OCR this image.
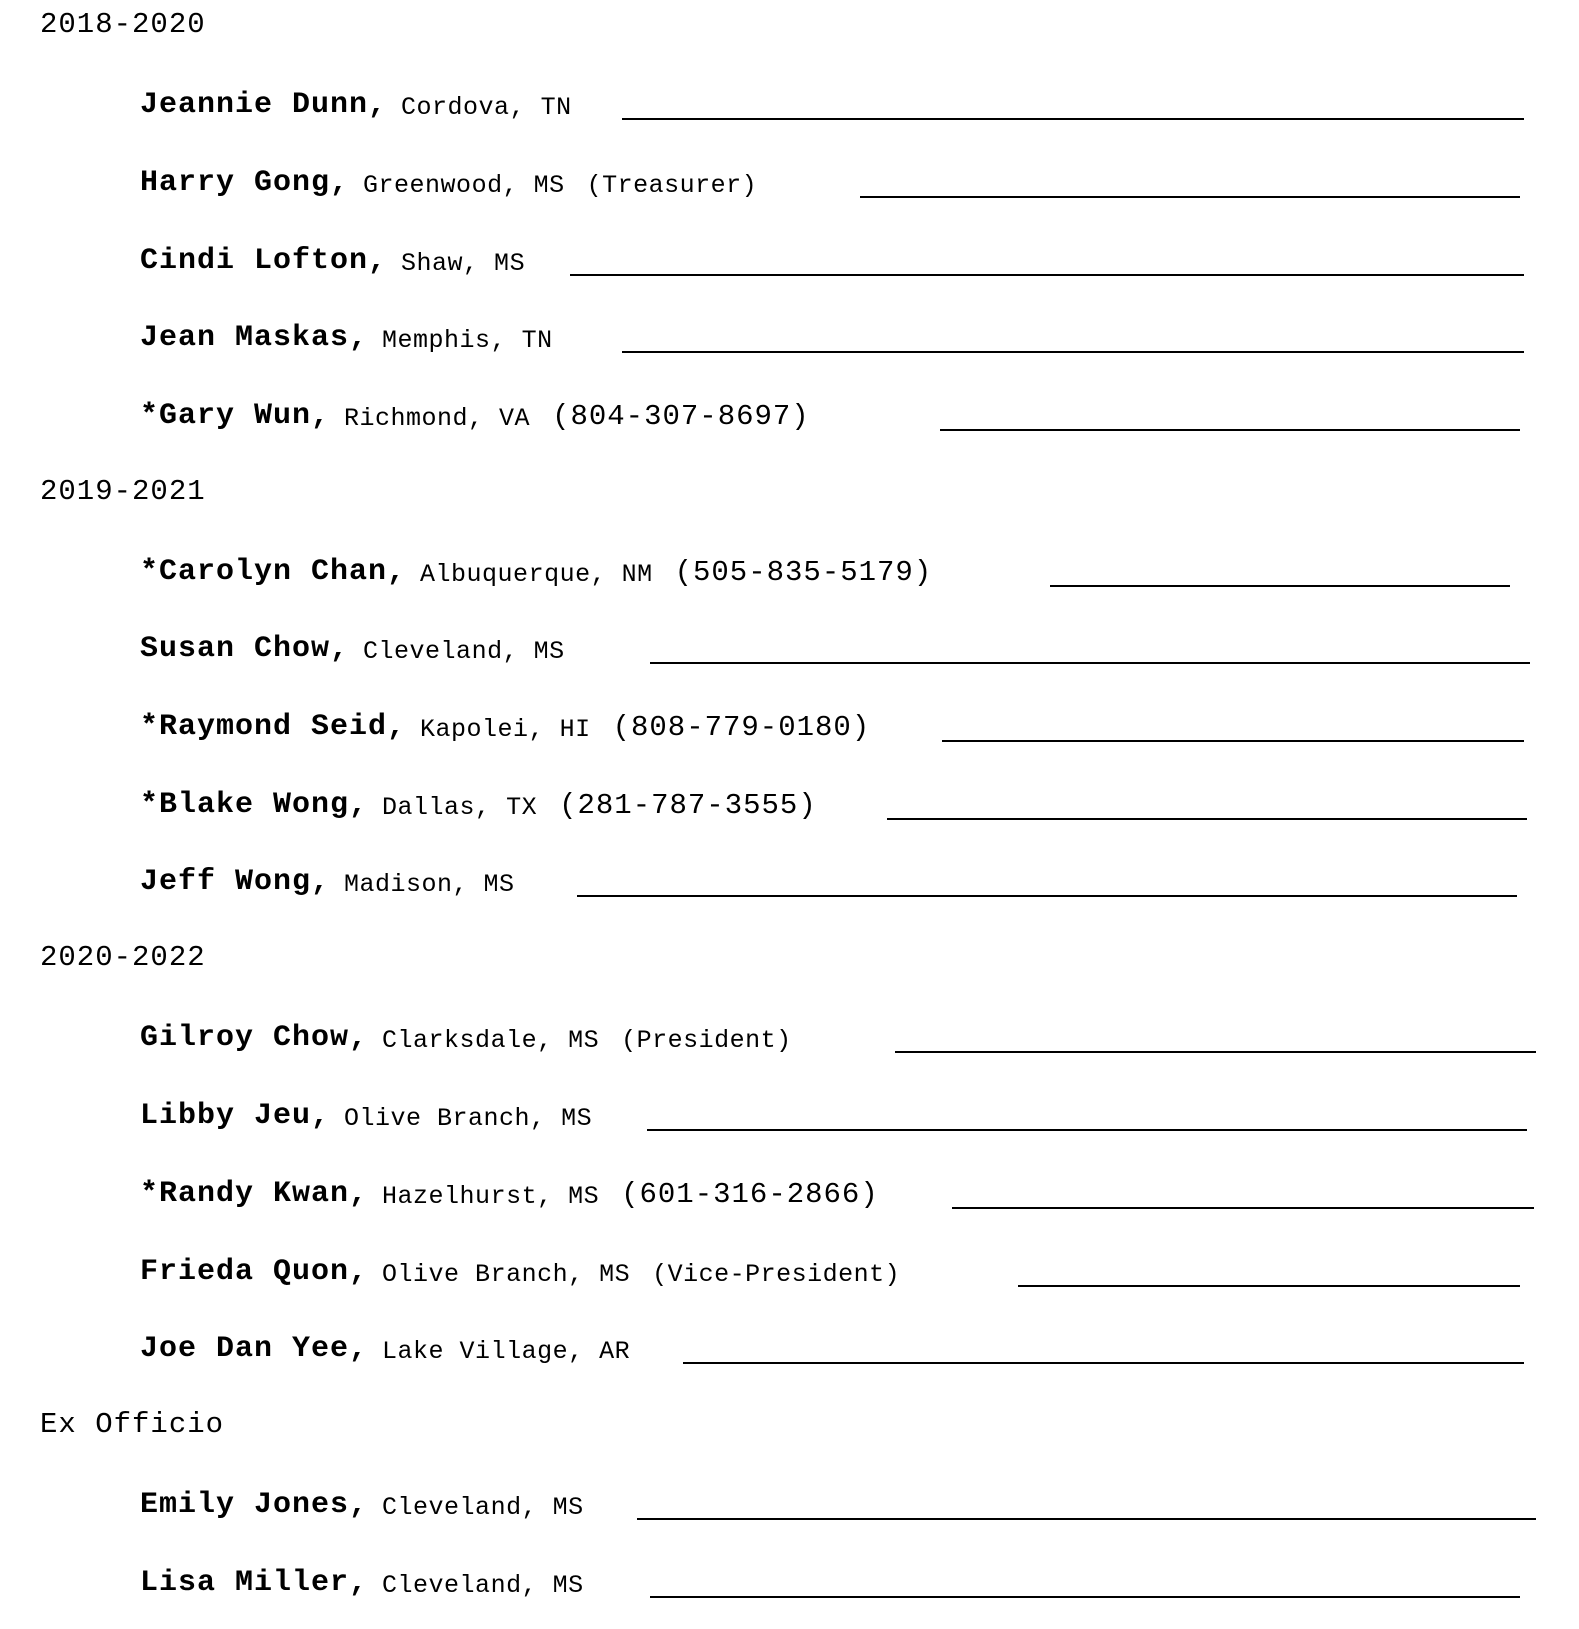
2018-2020
2019-2021
2020-2022
Ex Officio
Jeannie Dunn, Cordova, TN
Harry Gong, Greenwood, MS (Treasurer)
Cindi Lofton, Shaw, MS
Jean Maskas, Memphis, TN
*Gary Wun, Richmond, VA (804-307-8697)
*Carolyn Chan, Albuquerque, NM (505-835-5179)
Susan Chow, Cleveland, MS
*Raymond Seid, Kapolei, HI (808-779-0180)
*Blake Wong, Dallas, TX (281-787-3555)
Jeff Wong, Madison, MS
Gilroy Chow, Clarksdale, MS (President)
Libby Jeu, Olive Branch, MS
*Randy Kwan, Hazelhurst, MS (601-316-2866)
Frieda Quon, Olive Branch, MS (Vice-President)
Joe Dan Yee, Lake Village, AR
Emily Jones, Cleveland, MS
Lisa Miller, Cleveland, MS
